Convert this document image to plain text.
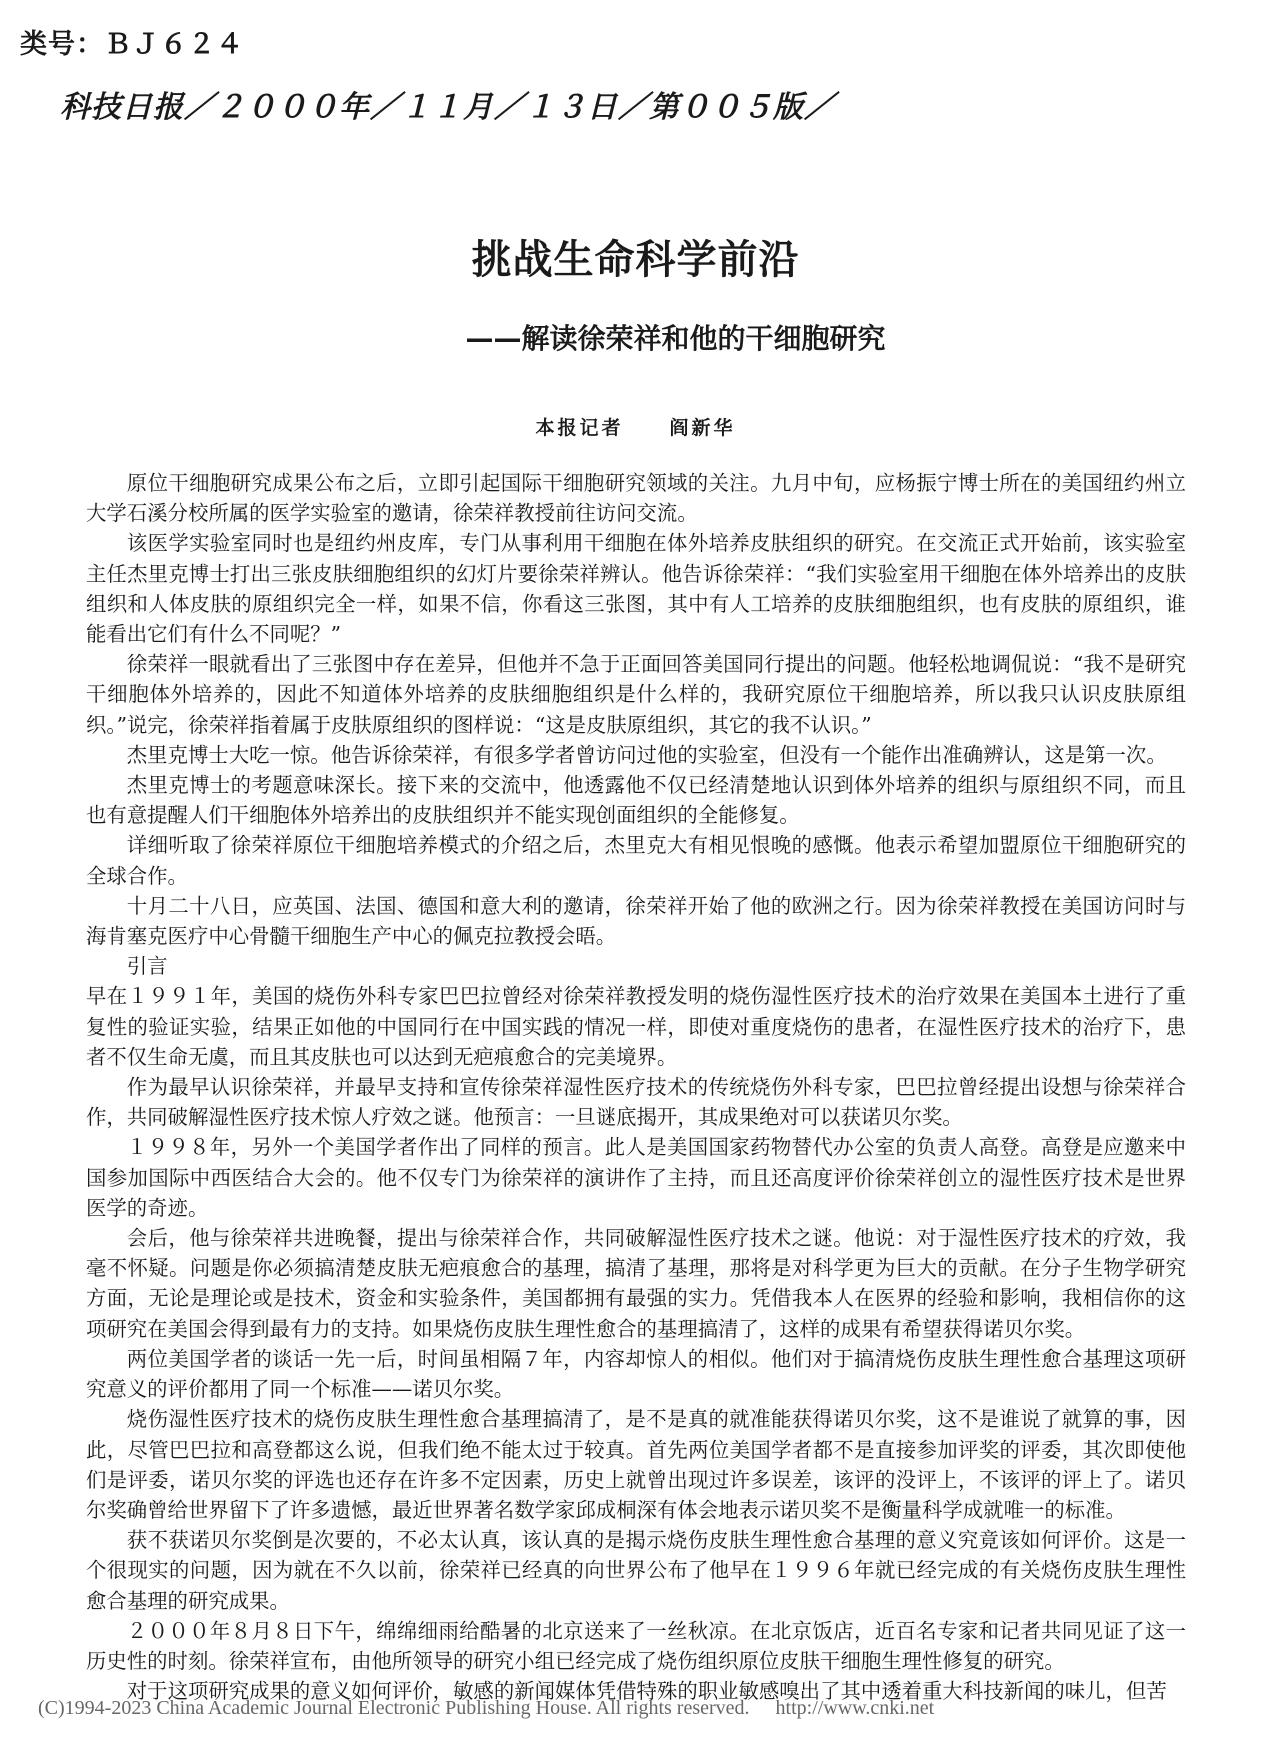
类号：ＢＪ６２４
科技日报／２０００年／１１月／１３日／第００５版／
挑战生命科学前沿
——解读徐荣祥和他的干细胞研究
本报记者 阎新华

原位干细胞研究成果公布之后，立即引起国际干细胞研究领域的关注。九月中旬，应杨振宁博士所在的美国纽约州立大学石溪分校所属的医学实验室的邀请，徐荣祥教授前往访问交流。

该医学实验室同时也是纽约州皮库，专门从事利用干细胞在体外培养皮肤组织的研究。在交流正式开始前，该实验室主任杰里克博士打出三张皮肤细胞组织的幻灯片要徐荣祥辨认。他告诉徐荣祥：“我们实验室用干细胞在体外培养出的皮肤组织和人体皮肤的原组织完全一样，如果不信，你看这三张图，其中有人工培养的皮肤细胞组织，也有皮肤的原组织，谁能看出它们有什么不同呢？”

徐荣祥一眼就看出了三张图中存在差异，但他并不急于正面回答美国同行提出的问题。他轻松地调侃说：“我不是研究干细胞体外培养的，因此不知道体外培养的皮肤细胞组织是什么样的，我研究原位干细胞培养，所以我只认识皮肤原组织。”说完，徐荣祥指着属于皮肤原组织的图样说：“这是皮肤原组织，其它的我不认识。”

杰里克博士大吃一惊。他告诉徐荣祥，有很多学者曾访问过他的实验室，但没有一个能作出准确辨认，这是第一次。

杰里克博士的考题意味深长。接下来的交流中，他透露他不仅已经清楚地认识到体外培养的组织与原组织不同，而且也有意提醒人们干细胞体外培养出的皮肤组织并不能实现创面组织的全能修复。

详细听取了徐荣祥原位干细胞培养模式的介绍之后，杰里克大有相见恨晚的感慨。他表示希望加盟原位干细胞研究的全球合作。

十月二十八日，应英国、法国、德国和意大利的邀请，徐荣祥开始了他的欧洲之行。因为徐荣祥教授在美国访问时与海肯塞克医疗中心骨髓干细胞生产中心的佩克拉教授会晤。

引言

早在１９９１年，美国的烧伤外科专家巴巴拉曾经对徐荣祥教授发明的烧伤湿性医疗技术的治疗效果在美国本土进行了重复性的验证实验，结果正如他的中国同行在中国实践的情况一样，即使对重度烧伤的患者，在湿性医疗技术的治疗下，患者不仅生命无虞，而且其皮肤也可以达到无疤痕愈合的完美境界。

作为最早认识徐荣祥，并最早支持和宣传徐荣祥湿性医疗技术的传统烧伤外科专家，巴巴拉曾经提出设想与徐荣祥合作，共同破解湿性医疗技术惊人疗效之谜。他预言：一旦谜底揭开，其成果绝对可以获诺贝尔奖。

１９９８年，另外一个美国学者作出了同样的预言。此人是美国国家药物替代办公室的负责人高登。高登是应邀来中国参加国际中西医结合大会的。他不仅专门为徐荣祥的演讲作了主持，而且还高度评价徐荣祥创立的湿性医疗技术是世界医学的奇迹。

会后，他与徐荣祥共进晚餐，提出与徐荣祥合作，共同破解湿性医疗技术之谜。他说：对于湿性医疗技术的疗效，我毫不怀疑。问题是你必须搞清楚皮肤无疤痕愈合的基理，搞清了基理，那将是对科学更为巨大的贡献。在分子生物学研究方面，无论是理论或是技术，资金和实验条件，美国都拥有最强的实力。凭借我本人在医界的经验和影响，我相信你的这项研究在美国会得到最有力的支持。如果烧伤皮肤生理性愈合的基理搞清了，这样的成果有希望获得诺贝尔奖。

两位美国学者的谈话一先一后，时间虽相隔７年，内容却惊人的相似。他们对于搞清烧伤皮肤生理性愈合基理这项研究意义的评价都用了同一个标准——诺贝尔奖。

烧伤湿性医疗技术的烧伤皮肤生理性愈合基理搞清了，是不是真的就准能获得诺贝尔奖，这不是谁说了就算的事，因此，尽管巴巴拉和高登都这么说，但我们绝不能太过于较真。首先两位美国学者都不是直接参加评奖的评委，其次即使他们是评委，诺贝尔奖的评选也还存在许多不定因素，历史上就曾出现过许多误差，该评的没评上，不该评的评上了。诺贝尔奖确曾给世界留下了许多遗憾，最近世界著名数学家邱成桐深有体会地表示诺贝奖不是衡量科学成就唯一的标准。

获不获诺贝尔奖倒是次要的，不必太认真，该认真的是揭示烧伤皮肤生理性愈合基理的意义究竟该如何评价。这是一个很现实的问题，因为就在不久以前，徐荣祥已经真的向世界公布了他早在１９９６年就已经完成的有关烧伤皮肤生理性愈合基理的研究成果。

２０００年８月８日下午，绵绵细雨给酷暑的北京送来了一丝秋凉。在北京饭店，近百名专家和记者共同见证了这一历史性的时刻。徐荣祥宣布，由他所领导的研究小组已经完成了烧伤组织原位皮肤干细胞生理性修复的研究。

对于这项研究成果的意义如何评价，敏感的新闻媒体凭借特殊的职业敏感嗅出了其中透着重大科技新闻的味儿，但苦

(C)1994-2023 China Academic Journal Electronic Publishing House. All rights reserved. http://www.cnki.net
